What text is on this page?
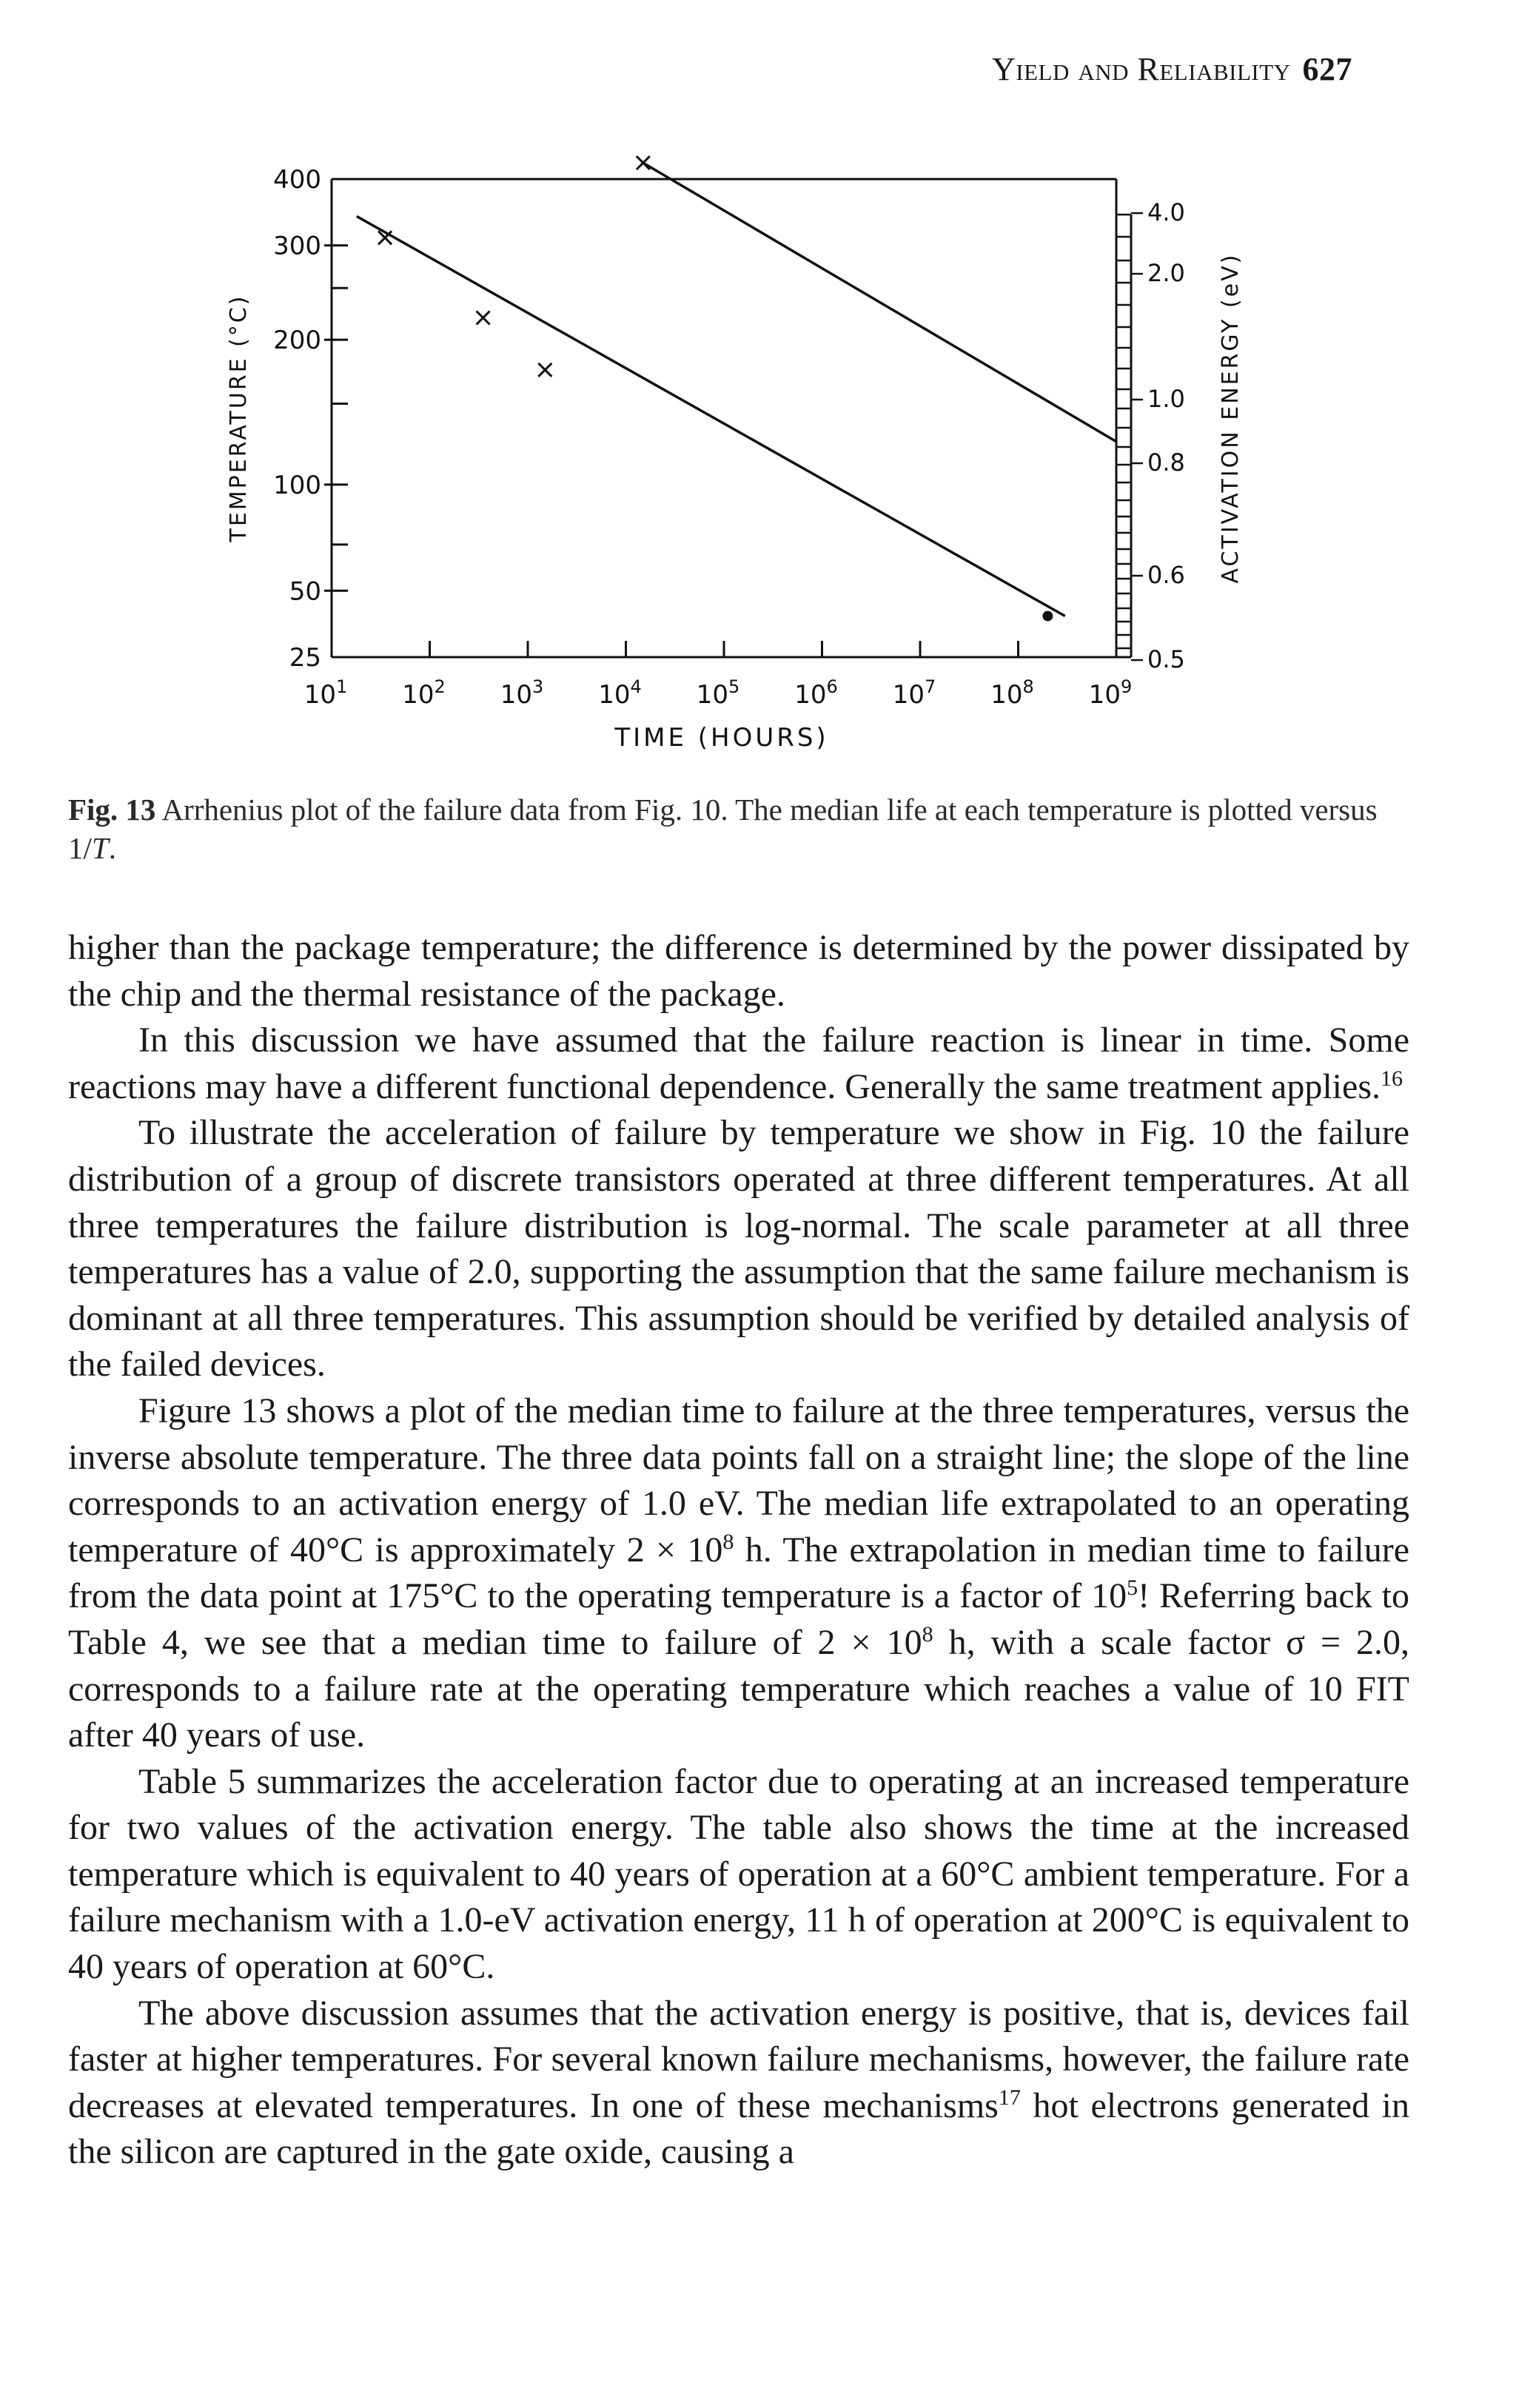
Yield and Reliability 627
400
300
200
100
50
25
$10^1$ $10^2$ $10^3$ $10^4$ $10^5$ $10^6$ $10^7$ $10^8$ $10^9$
4.0
2.0
1.0
0.8
0.6
0.5
TIME (HOURS)
TEMPERATURE (°C)	ACTIVATION ENERGY (eV)
Fig. 13 Arrhenius plot of the failure data from Fig. 10. The median life at each temperature is plotted versus 1/T.

higher than the package temperature; the difference is determined by the power dissipated by the chip and the thermal resistance of the package.

In this discussion we have assumed that the failure reaction is linear in time. Some reactions may have a different functional dependence. Generally the same treatment applies.$^{16}$

To illustrate the acceleration of failure by temperature we show in Fig. 10 the failure distribution of a group of discrete transistors operated at three different temperatures. At all three temperatures the failure distribution is log-normal. The scale parameter at all three temperatures has a value of 2.0, supporting the assumption that the same failure mechanism is dominant at all three temperatures. This assumption should be verified by detailed analysis of the failed devices.

Figure 13 shows a plot of the median time to failure at the three temperatures, versus the inverse absolute temperature. The three data points fall on a straight line; the slope of the line corresponds to an activation energy of 1.0 eV. The median life extrapolated to an operating temperature of 40°C is approximately $2 \times 10^8$ h. The extrapolation in median time to failure from the data point at 175°C to the operating temperature is a factor of $10^5$! Referring back to Table 4, we see that a median time to failure of $2 \times 10^8$ h, with a scale factor σ = 2.0, corresponds to a failure rate at the operating temperature which reaches a value of 10 FIT after 40 years of use.

Table 5 summarizes the acceleration factor due to operating at an increased temperature for two values of the activation energy. The table also shows the time at the increased temperature which is equivalent to 40 years of operation at a 60°C ambient temperature. For a failure mechanism with a 1.0-eV activation energy, 11 h of operation at 200°C is equivalent to 40 years of operation at 60°C.

The above discussion assumes that the activation energy is positive, that is, devices fail faster at higher temperatures. For several known failure mechanisms, however, the failure rate decreases at elevated temperatures. In one of these mechanisms$^{17}$ hot electrons generated in the silicon are captured in the gate oxide, causing a
